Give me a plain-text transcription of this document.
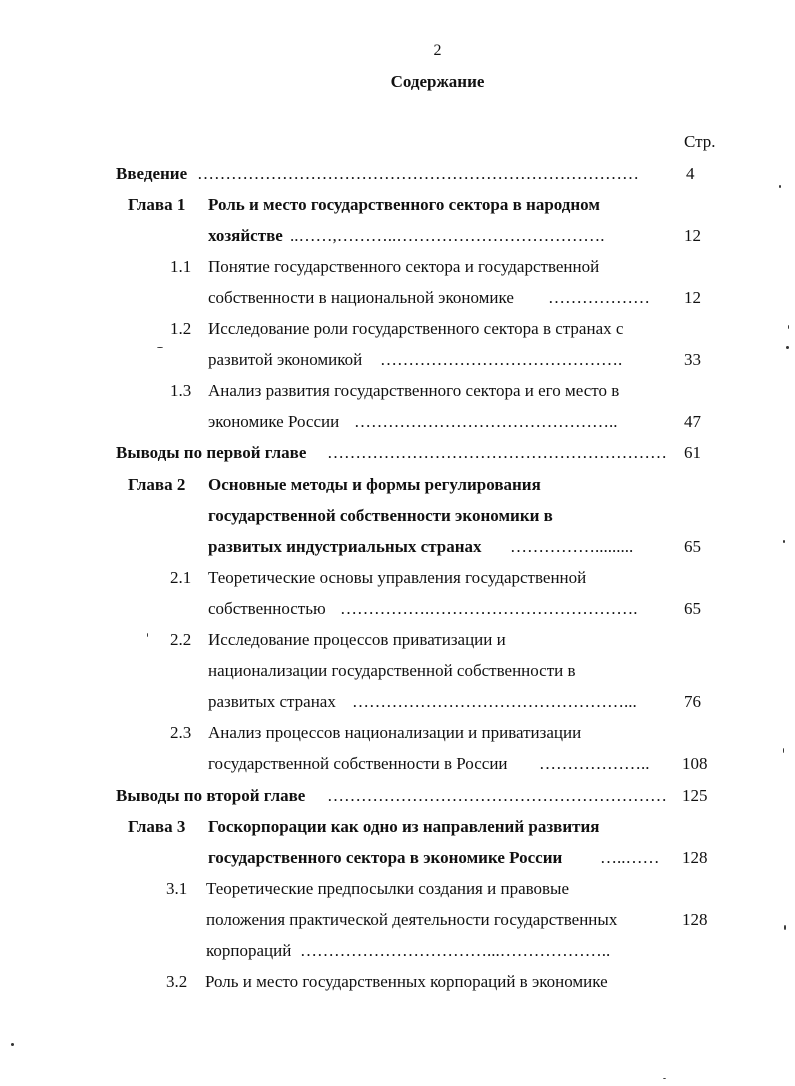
2
Содержание
Стр.
Введение ……………………………………………………………………	4
Глава 1 Роль и место государственного сектора в народном
хозяйстве ..……,………..……………………………….	12
1.1 Понятие государственного сектора и государственной
собственности в национальной экономике ……………… 12
1.2 Исследование роли государственного сектора в странах с
развитой экономикой …………………………………….	33
1.3 Анализ развития государственного сектора и его место в
экономике России ………………………………………..	47
Выводы по первой главе …………………………………………………… 61
Глава 2 Основные методы и формы регулирования
государственной собственности экономики в
развитых индустриальных странах …………….........	65
2.1 Теоретические основы управления государственной
собственностью …………….……………………………….	65
2.2 Исследование процессов приватизации и
национализации государственной собственности в
развитых странах …………………………………………...	76
2.3 Анализ процессов национализации и приватизации
государственной собственности в России ……………….. 108
Выводы по второй главе …………………………………………………… 125
Глава 3 Госкорпорации как одно из направлений развития
государственного сектора в экономике России …..…… 128
3.1 Теоретические предпосылки создания и правовые
положения практической деятельности государственных	128
корпораций ……………………………...………………..
3.2 Роль и место государственных корпораций в экономике
